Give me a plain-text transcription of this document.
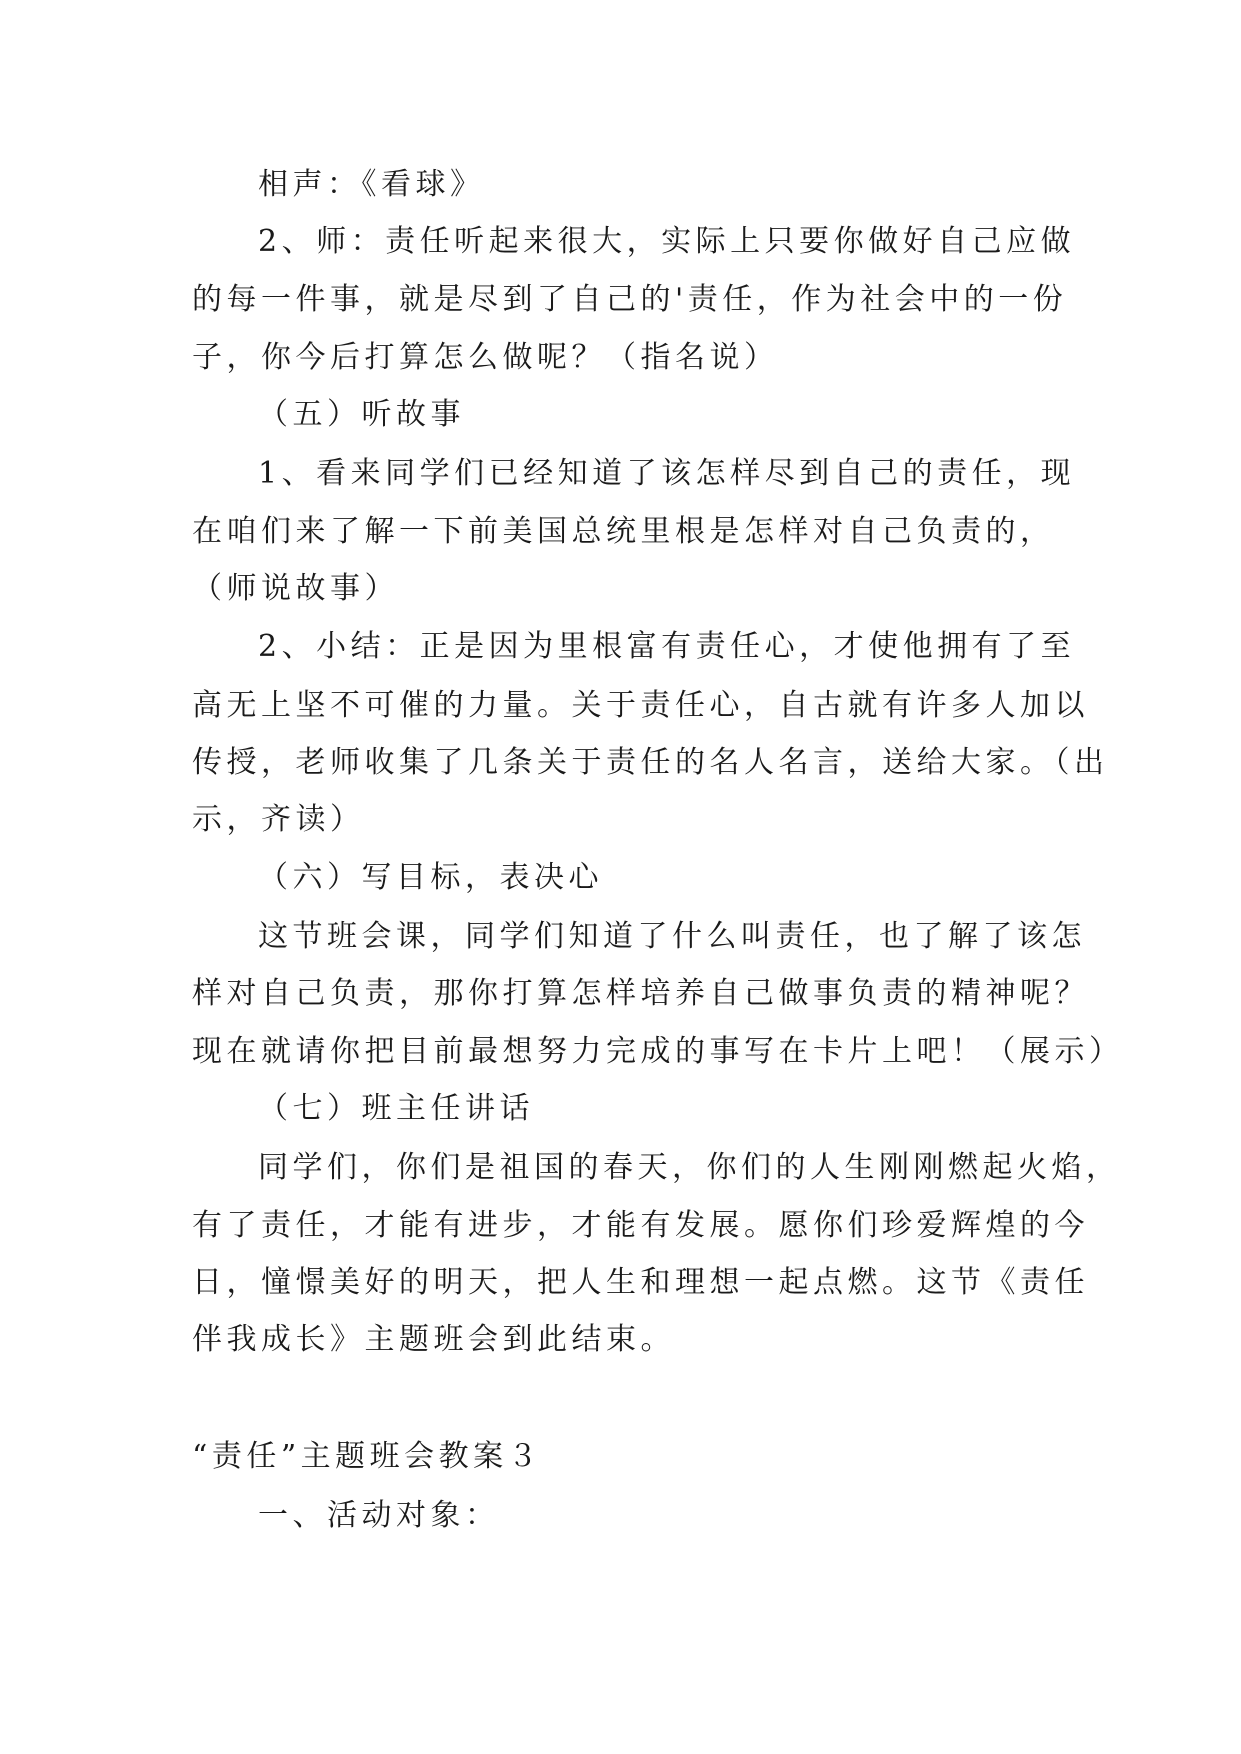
相声：《看球》
2、师：责任听起来很大，实际上只要你做好自己应做
的每一件事，就是尽到了自己的'责任，作为社会中的一份
子，你今后打算怎么做呢？（指名说）
（五）听故事
1、看来同学们已经知道了该怎样尽到自己的责任，现
在咱们来了解一下前美国总统里根是怎样对自己负责的，
（师说故事）
2、小结：正是因为里根富有责任心，才使他拥有了至
高无上坚不可催的力量。关于责任心，自古就有许多人加以
传授，老师收集了几条关于责任的名人名言，送给大家。（出
示，齐读）
（六）写目标，表决心
这节班会课，同学们知道了什么叫责任，也了解了该怎
样对自己负责，那你打算怎样培养自己做事负责的精神呢？
现在就请你把目前最想努力完成的事写在卡片上吧！（展示）
（七）班主任讲话
同学们，你们是祖国的春天，你们的人生刚刚燃起火焰，
有了责任，才能有进步，才能有发展。愿你们珍爱辉煌的今
日，憧憬美好的明天，把人生和理想一起点燃。这节《责任
伴我成长》主题班会到此结束。
“责任”主题班会教案３
一、活动对象：
